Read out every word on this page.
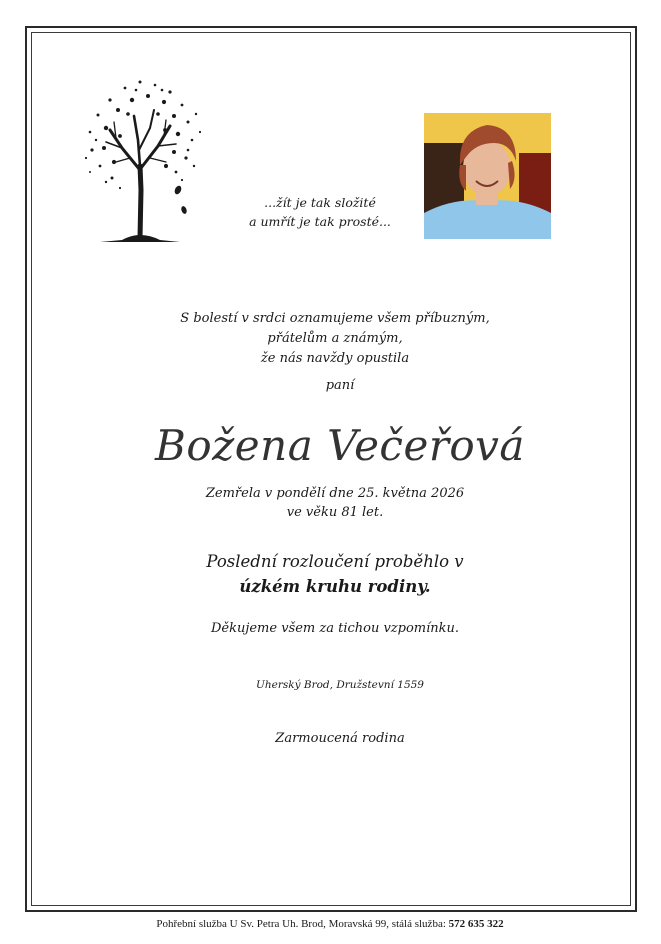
...žít je tak složité
a umřít je tak prosté...
S bolestí v srdci oznamujeme všem příbuzným,
přátelům a známým,
že nás navždy opustila
paní
Božena Večeřová
Zemřela v pondělí dne 25. května 2026
ve věku 81 let.
Poslední rozloučení proběhlo v
úzkém kruhu rodiny.
Děkujeme všem za tichou vzpomínku.
Uherský Brod, Družstevní 1559
Zarmoucená rodina
Pohřební služba U Sv. Petra Uh. Brod, Moravská 99, stálá služba: 572 635 322
